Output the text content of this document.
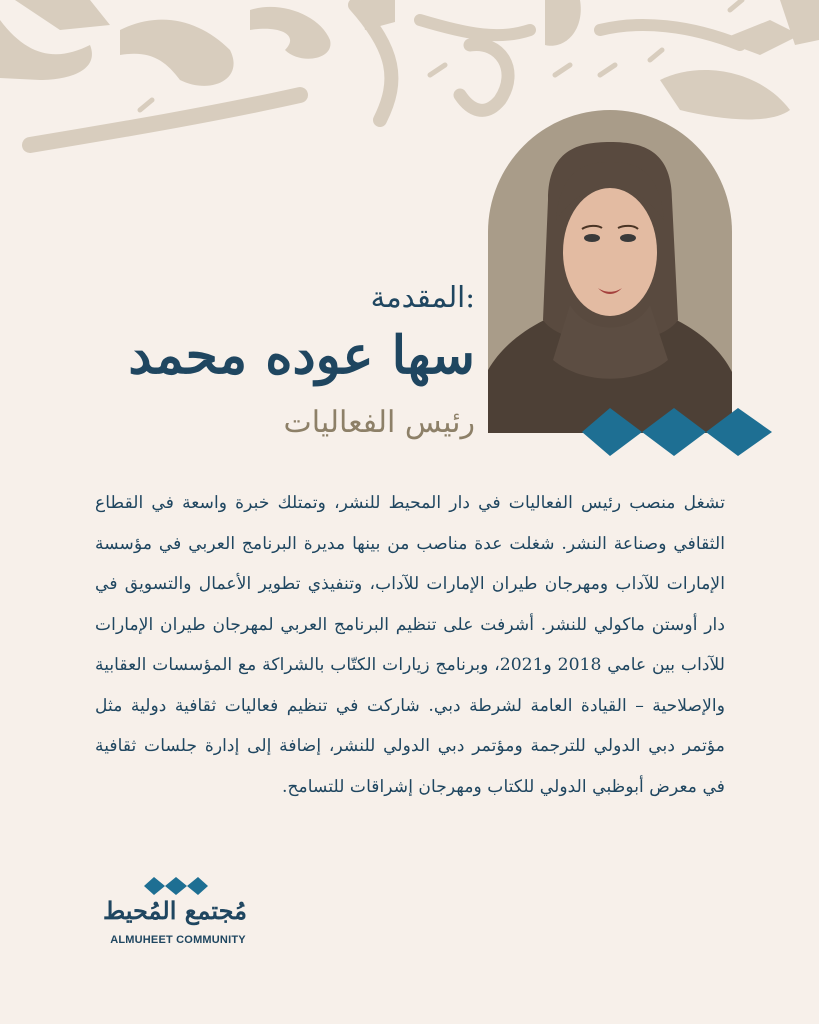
المقدمة:
سها عوده محمد
رئيس الفعاليات
تشغل منصب رئيس الفعاليات في دار المحيط للنشر، وتمتلك خبرة واسعة في القطاع الثقافي وصناعة النشر. شغلت عدة مناصب من بينها مديرة البرنامج العربي في مؤسسة الإمارات للآداب ومهرجان طيران الإمارات للآداب، وتنفيذي تطوير الأعمال والتسويق في دار أوستن ماكولي للنشر. أشرفت على تنظيم البرنامج العربي لمهرجان طيران الإمارات للآداب بين عامي 2018 و2021، وبرنامج زيارات الكتّاب بالشراكة مع المؤسسات العقابية والإصلاحية – القيادة العامة لشرطة دبي. شاركت في تنظيم فعاليات ثقافية دولية مثل مؤتمر دبي الدولي للترجمة ومؤتمر دبي الدولي للنشر، إضافة إلى إدارة جلسات ثقافية في معرض أبوظبي الدولي للكتاب ومهرجان إشراقات للتسامح.
مُجتمع المُحيط
ALMUHEET COMMUNITY
